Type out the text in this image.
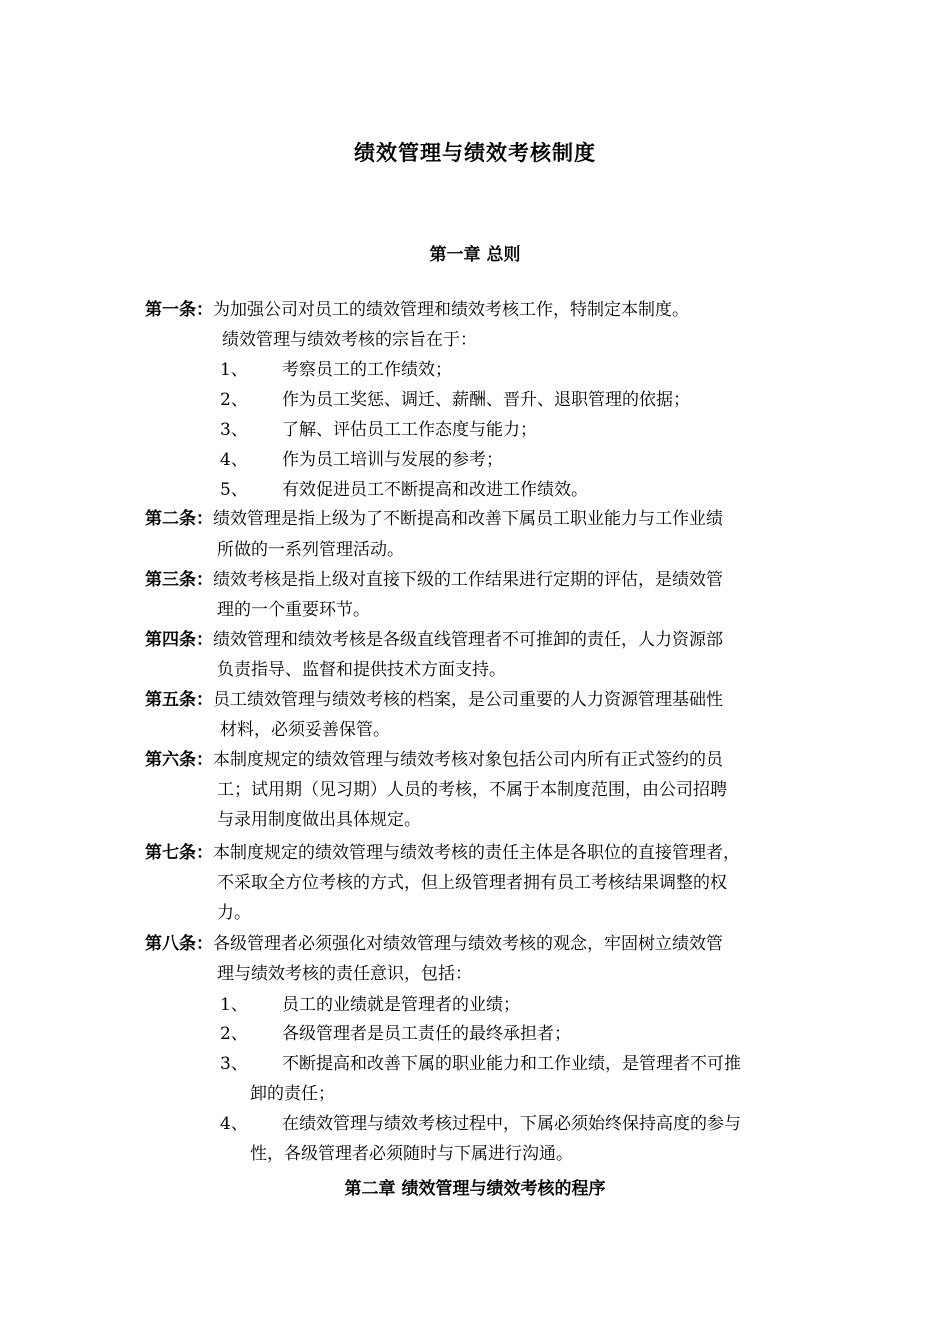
绩效管理与绩效考核制度
第一章 总则
第一条：为加强公司对员工的绩效管理和绩效考核工作，特制定本制度。
绩效管理与绩效考核的宗旨在于：
1、 考察员工的工作绩效；
2、 作为员工奖惩、调迁、薪酬、晋升、退职管理的依据；
3、 了解、评估员工工作态度与能力；
4、 作为员工培训与发展的参考；
5、 有效促进员工不断提高和改进工作绩效。
第二条：绩效管理是指上级为了不断提高和改善下属员工职业能力与工作业绩
所做的一系列管理活动。
第三条：绩效考核是指上级对直接下级的工作结果进行定期的评估，是绩效管
理的一个重要环节。
第四条：绩效管理和绩效考核是各级直线管理者不可推卸的责任，人力资源部
负责指导、监督和提供技术方面支持。
第五条：员工绩效管理与绩效考核的档案，是公司重要的人力资源管理基础性
材料，必须妥善保管。
第六条：本制度规定的绩效管理与绩效考核对象包括公司内所有正式签约的员
工；试用期（见习期）人员的考核，不属于本制度范围，由公司招聘
与录用制度做出具体规定。
第七条：本制度规定的绩效管理与绩效考核的责任主体是各职位的直接管理者，
不采取全方位考核的方式，但上级管理者拥有员工考核结果调整的权
力。
第八条：各级管理者必须强化对绩效管理与绩效考核的观念，牢固树立绩效管
理与绩效考核的责任意识，包括：
1、 员工的业绩就是管理者的业绩；
2、 各级管理者是员工责任的最终承担者；
3、 不断提高和改善下属的职业能力和工作业绩，是管理者不可推
卸的责任；
4、 在绩效管理与绩效考核过程中，下属必须始终保持高度的参与
性，各级管理者必须随时与下属进行沟通。
第二章 绩效管理与绩效考核的程序
